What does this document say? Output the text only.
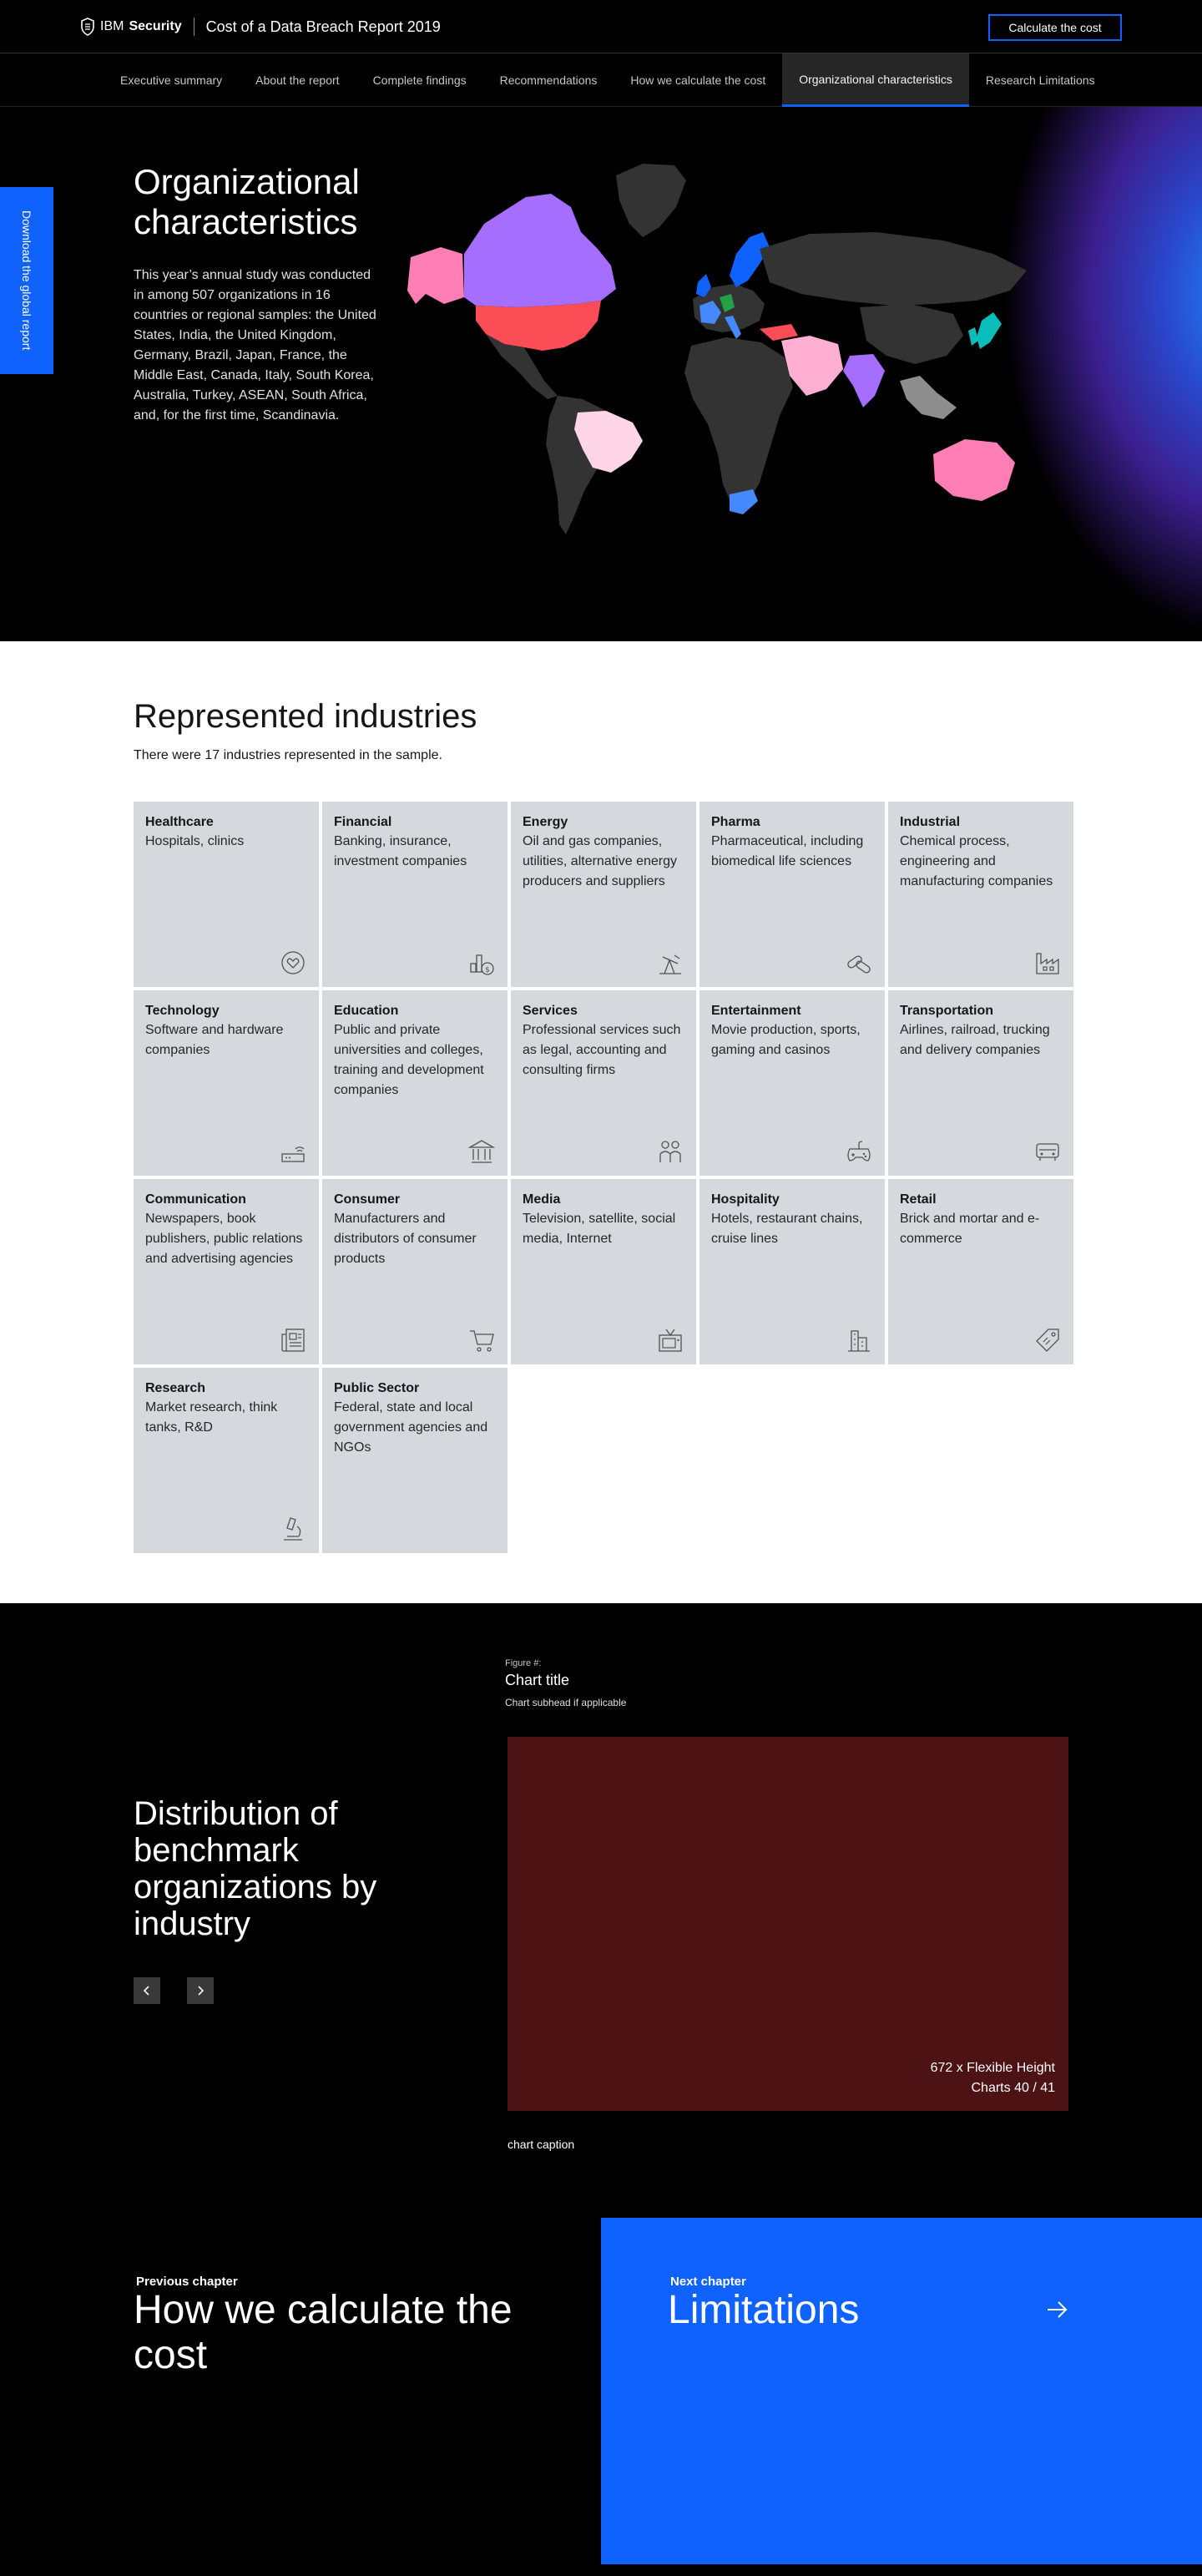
IBM Security Cost of a Data Breach Report 2019	Calculate the cost
Executive summary	About the report	Complete findings	Recommendations	How we calculate the cost	Organizational characteristics	Research Limitations
Download the global report
Organizational characteristics

This year’s annual study was conducted in among 507 organizations in 16 countries or regional samples: the United States, India, the United Kingdom, Germany, Brazil, Japan, France, the Middle East, Canada, Italy, South Korea, Australia, Turkey, ASEAN, South Africa, and, for the first time, Scandinavia.

Represented industries

There were 17 industries represented in the sample.

Healthcare
Hospitals, clinics
Financial
Banking, insurance, investment companies
$
Energy
Oil and gas companies, utilities, alternative energy producers and suppliers
Pharma
Pharmaceutical, including biomedical life sciences
Industrial
Chemical process, engineering and manufacturing companies
Technology
Software and hardware companies
Education
Public and private universities and colleges, training and development companies
Services
Professional services such as legal, accounting and consulting firms
Entertainment
Movie production, sports, gaming and casinos
Transportation
Airlines, railroad, trucking and delivery companies
Communication
Newspapers, book publishers, public relations and advertising agencies
Consumer
Manufacturers and distributors of consumer products
Media
Television, satellite, social media, Internet
Hospitality
Hotels, restaurant chains, cruise lines
Retail
Brick and mortar and e-commerce
Research
Market research, think tanks, R&D
Public Sector
Federal, state and local government agencies and NGOs
Distribution of benchmark organizations by industry
Figure #:
Chart title
Chart subhead if applicable
672 x Flexible Height
Charts 40 / 41
chart caption
Previous chapter
How we calculate the cost
Next chapter
Limitations
